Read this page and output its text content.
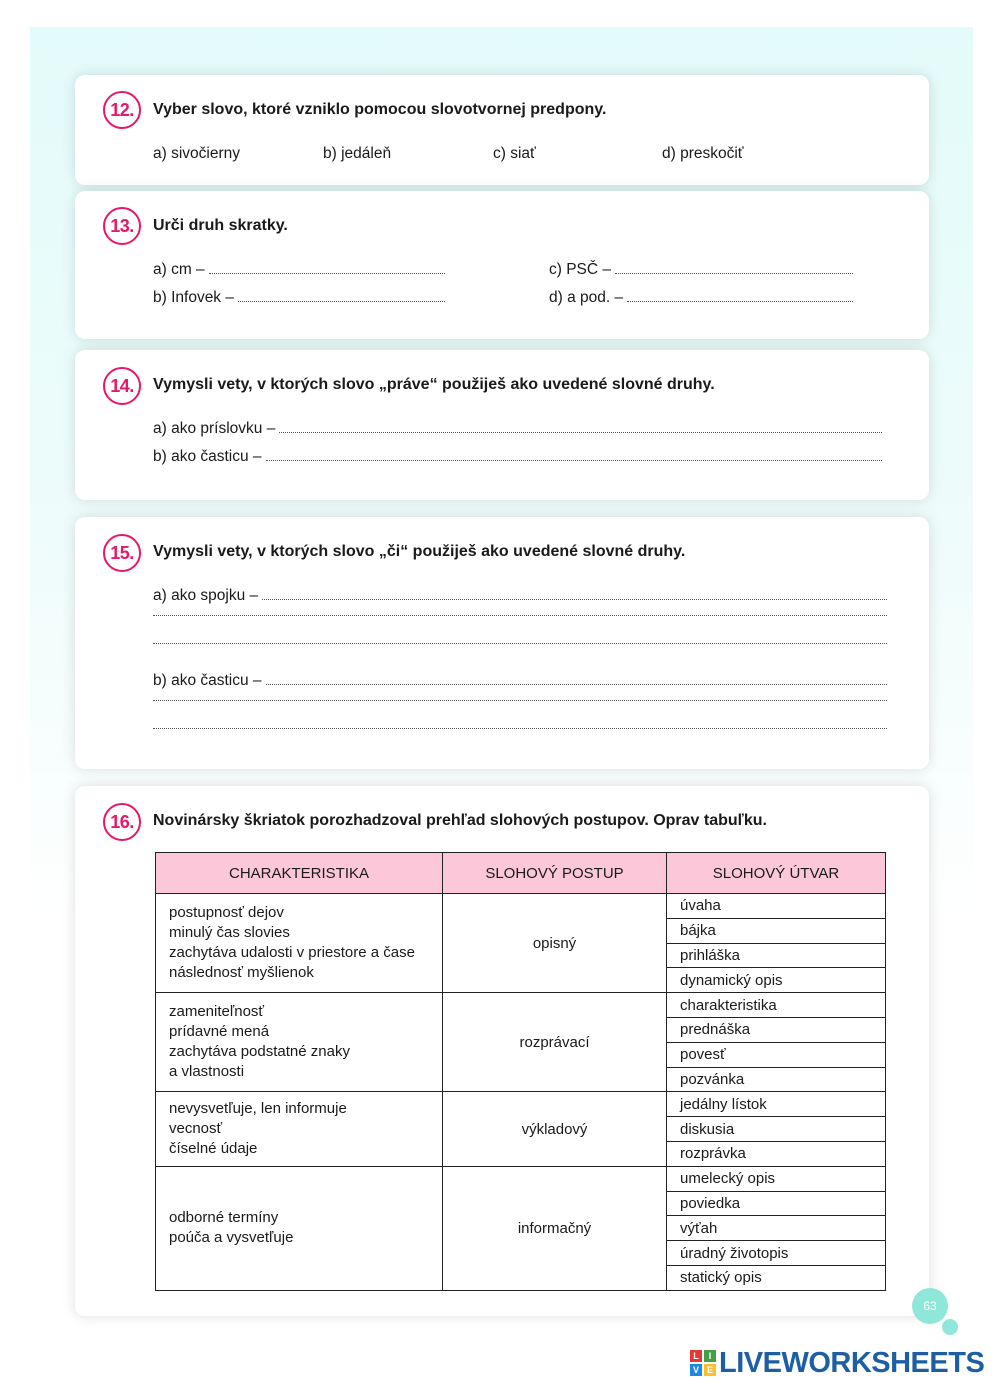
12.	Vyber slovo, ktoré vzniklo pomocou slovotvornej predpony.
a) sivočierny	b) jedáleň	c) siať	d) preskočiť
13.	Urči druh skratky.
a) cm –
b) Infovek –
c) PSČ –
d) a pod. –
14.	Vymysli vety, v ktorých slovo „práve“ použiješ ako uvedené slovné druhy.
a) ako príslovku –
b) ako časticu –
15.	Vymysli vety, v ktorých slovo „či“ použiješ ako uvedené slovné druhy.
a) ako spojku –
b) ako časticu –
16.	Novinársky škriatok porozhadzoval prehľad slohových postupov. Oprav tabuľku.
CHARAKTERISTIKA	SLOHOVÝ POSTUP	SLOHOVÝ ÚTVAR

postupnosť dejov
minulý čas slovies
zachytáva udalosti v priestore a čase
následnosť myšlienok	opisný	úvaha
		bájka
		prihláška
		dynamický opis

zameniteľnosť
prídavné mená
zachytáva podstatné znaky
a vlastnosti	rozprávací	charakteristika
		prednáška
		povesť
		pozvánka

nevysvetľuje, len informuje
vecnosť
číselné údaje	výkladový	jedálny lístok
		diskusia
		rozprávka

odborné termíny
poúča a vysvetľuje	informačný	umelecký opis
		poviedka
		výťah
		úradný životopis
		statický opis
63
L	I
V E LIVEWORKSHEETS
